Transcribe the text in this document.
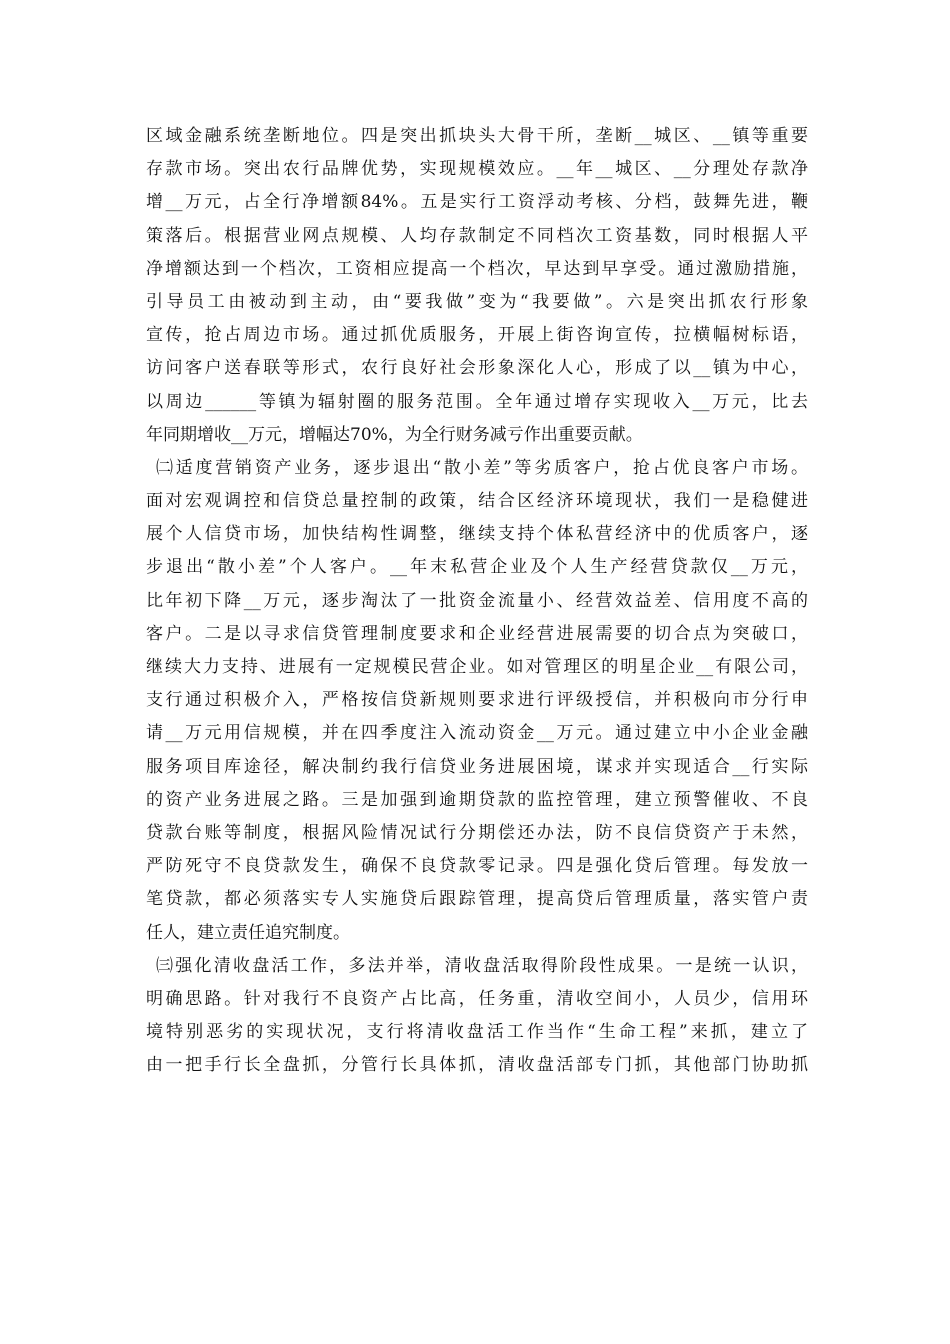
区域金融系统垄断地位。四是突出抓块头大骨干所，垄断__城区、__镇等重要
存款市场。突出农行品牌优势，实现规模效应。__年__城区、__分理处存款净
增__万元，占全行净增额84%。五是实行工资浮动考核、分档，鼓舞先进，鞭
策落后。根据营业网点规模、人均存款制定不同档次工资基数，同时根据人平
净增额达到一个档次，工资相应提高一个档次，早达到早享受。通过激励措施，
引导员工由被动到主动，由“要我做”变为“我要做”。六是突出抓农行形象
宣传，抢占周边市场。通过抓优质服务，开展上街咨询宣传，拉横幅树标语，
访问客户送春联等形式，农行良好社会形象深化人心，形成了以__镇为中心，
以周边______等镇为辐射圈的服务范围。全年通过增存实现收入__万元，比去
年同期增收__万元，增幅达70%，为全行财务减亏作出重要贡献。
㈡适度营销资产业务，逐步退出“散小差”等劣质客户，抢占优良客户市场。
面对宏观调控和信贷总量控制的政策，结合区经济环境现状，我们一是稳健进
展个人信贷市场，加快结构性调整，继续支持个体私营经济中的优质客户，逐
步退出“散小差”个人客户。__年末私营企业及个人生产经营贷款仅__万元，
比年初下降__万元，逐步淘汰了一批资金流量小、经营效益差、信用度不高的
客户。二是以寻求信贷管理制度要求和企业经营进展需要的切合点为突破口，
继续大力支持、进展有一定规模民营企业。如对管理区的明星企业__有限公司，
支行通过积极介入，严格按信贷新规则要求进行评级授信，并积极向市分行申
请__万元用信规模，并在四季度注入流动资金__万元。通过建立中小企业金融
服务项目库途径，解决制约我行信贷业务进展困境，谋求并实现适合__行实际
的资产业务进展之路。三是加强到逾期贷款的监控管理，建立预警催收、不良
贷款台账等制度，根据风险情况试行分期偿还办法，防不良信贷资产于未然，
严防死守不良贷款发生，确保不良贷款零记录。四是强化贷后管理。每发放一
笔贷款，都必须落实专人实施贷后跟踪管理，提高贷后管理质量，落实管户责
任人，建立责任追究制度。
㈢强化清收盘活工作，多法并举，清收盘活取得阶段性成果。一是统一认识，
明确思路。针对我行不良资产占比高，任务重，清收空间小，人员少，信用环
境特别恶劣的实现状况，支行将清收盘活工作当作“生命工程”来抓，建立了
由一把手行长全盘抓，分管行长具体抓，清收盘活部专门抓，其他部门协助抓
